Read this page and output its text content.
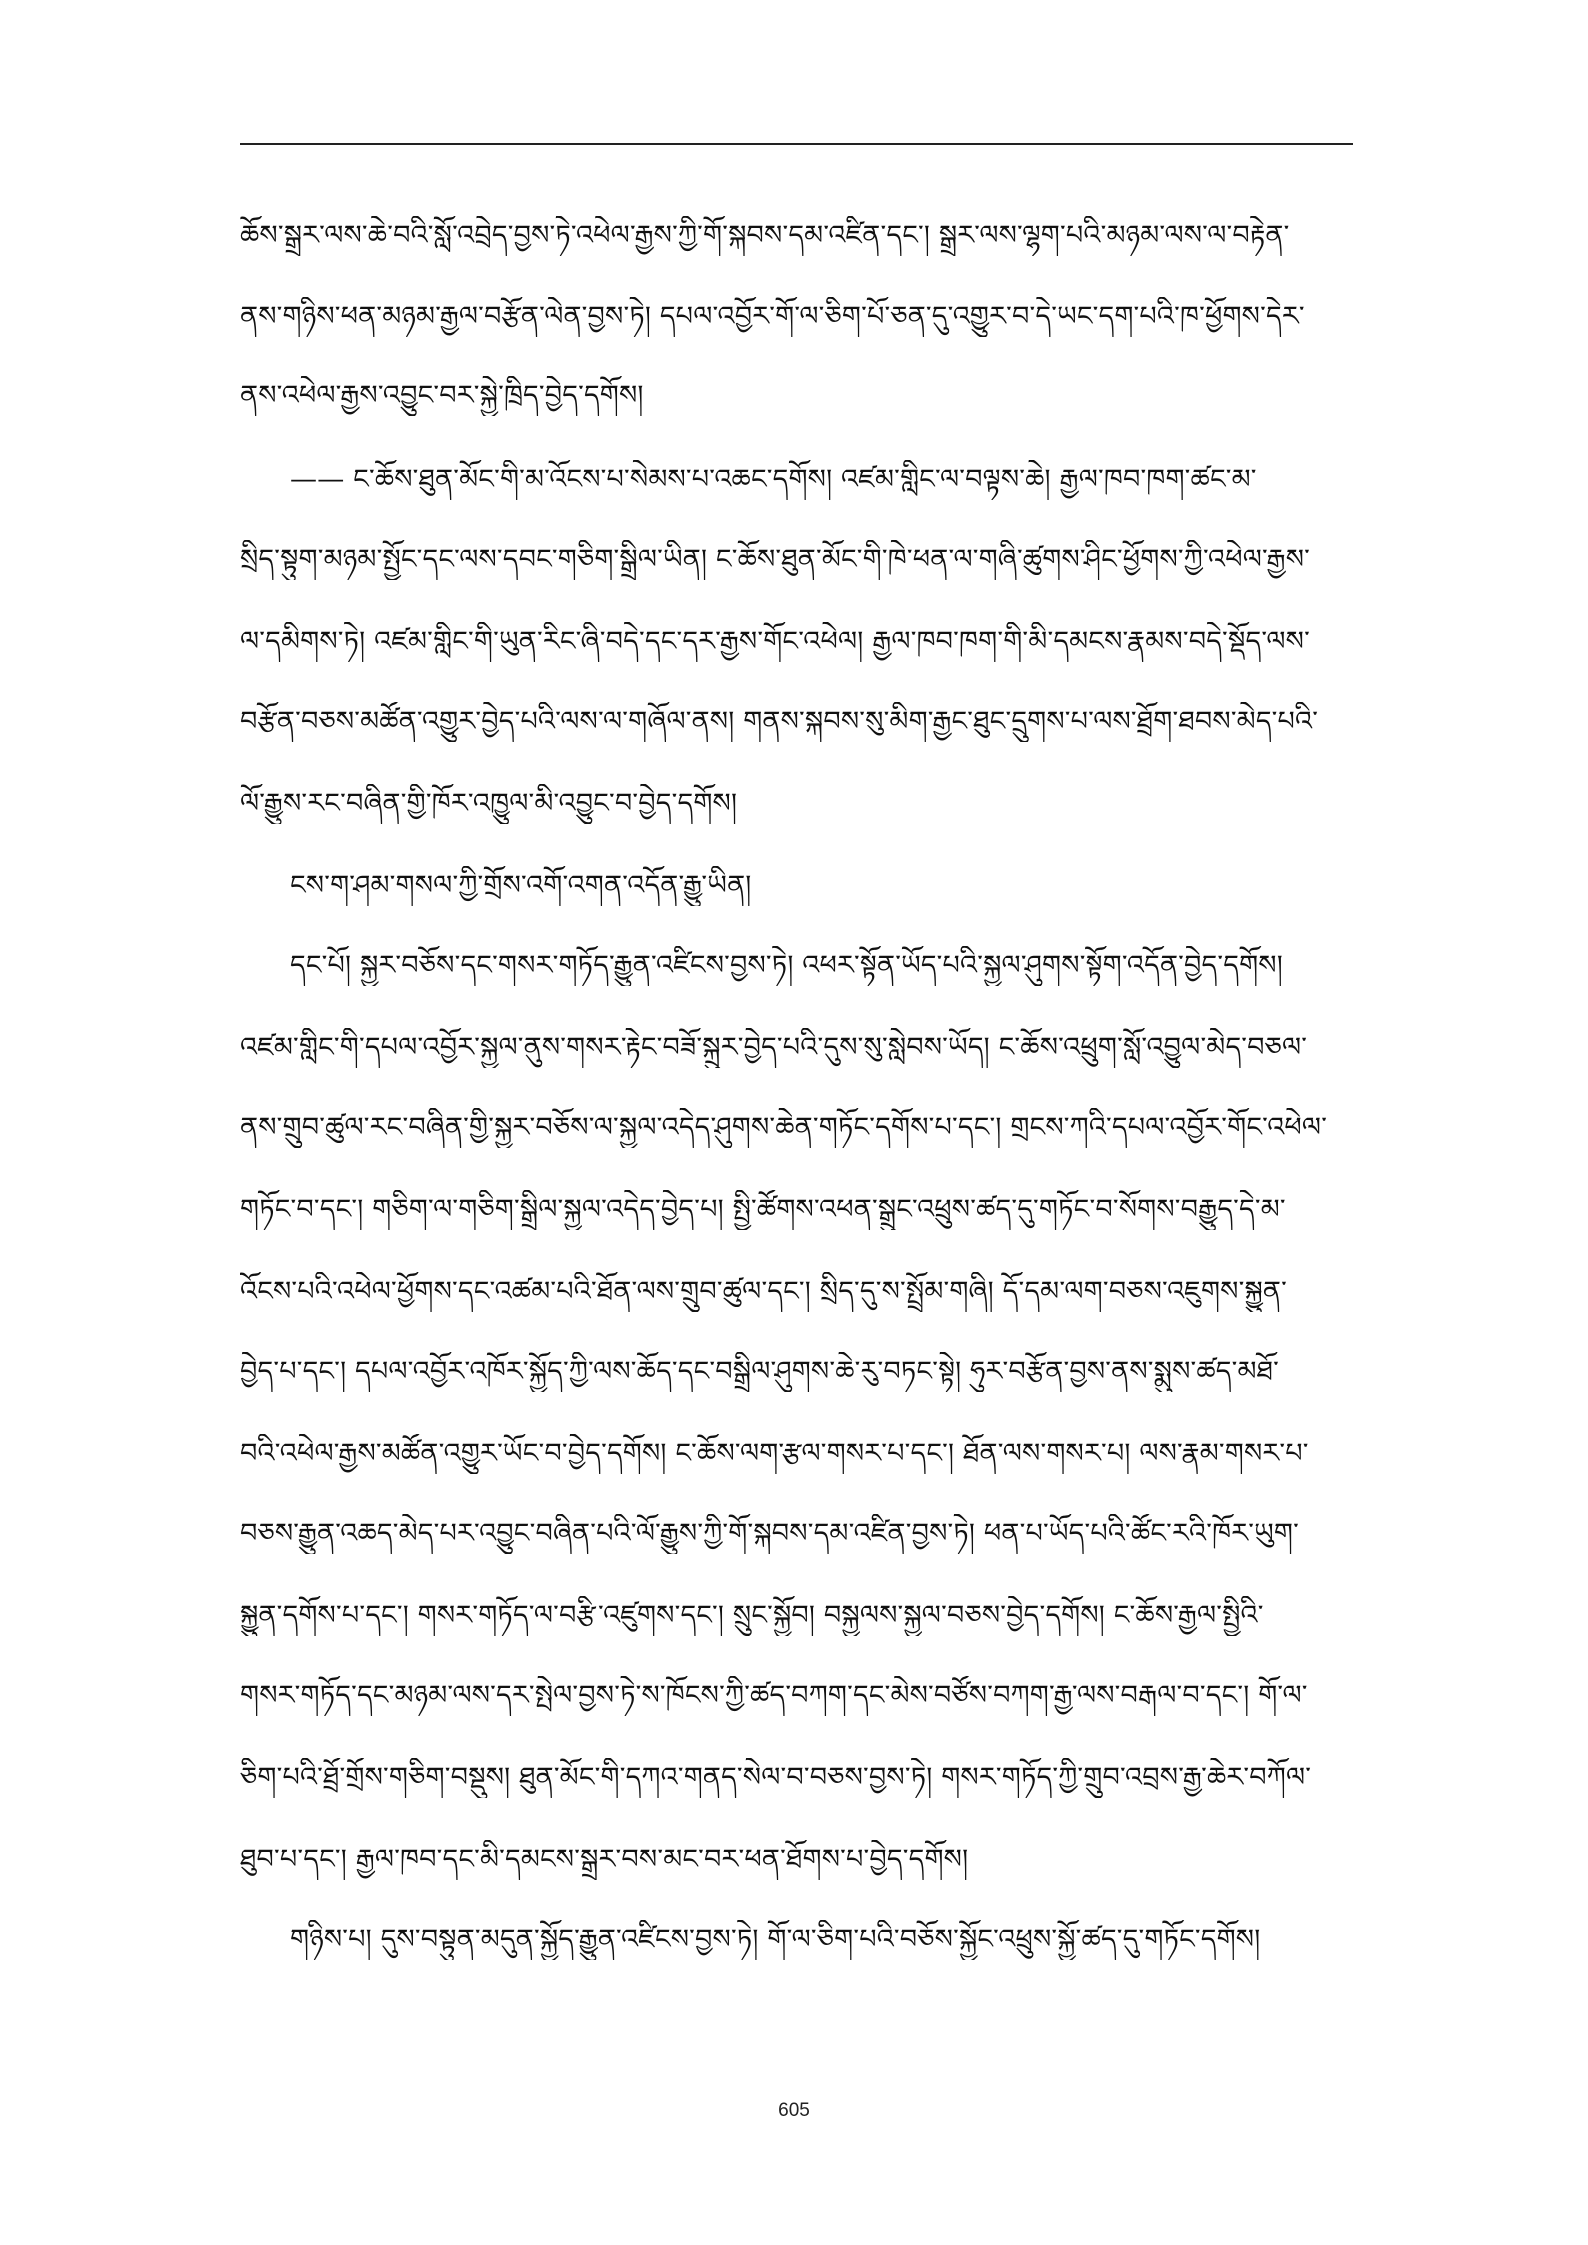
ཆོས་སྒྲར་ལས་ཆེ་བའི་སློ་འབྲེད་བྱས་ཏེ་འཕེལ་རྒྱས་ཀྱི་གོ་སྐབས་དམ་འཛིན་དང་། སྒྲར་ལས་ལྷག་པའི་མཉམ་ལས་ལ་བརྟེན་
ནས་གཉིས་ཕན་མཉམ་རྒྱལ་བརྩོན་ལེན་བྱས་ཏེ། དཔལ་འབྱོར་གོ་ལ་ཅིག་པོ་ཅན་དུ་འགྱུར་བ་དེ་ཡང་དག་པའི་ཁ་ཕྱོགས་དེར་
ནས་འཕེལ་རྒྱས་འབྱུང་བར་སྐྱེ་ཁྲིད་བྱེད་དགོས།
—— ང་ཆོས་ཐུན་མོང་གི་མ་འོངས་པ་སེམས་པ་འཆང་དགོས། འཛམ་གླིང་ལ་བལྟས་ཆེ། རྒྱལ་ཁབ་ཁག་ཚང་མ་
སྲིད་སྟུག་མཉམ་སྤྱོང་དང་ལས་དབང་གཅིག་སྒྲིལ་ཡིན། ང་ཆོས་ཐུན་མོང་གི་ཁེ་ཕན་ལ་གཞི་ཚུགས་ཤིང་ཕྱོགས་ཀྱི་འཕེལ་རྒྱས་
ལ་དམིགས་ཏེ། འཛམ་གླིང་གི་ཡུན་རིང་ཞི་བདེ་དང་དར་རྒྱས་གོང་འཕེལ། རྒྱལ་ཁབ་ཁག་གི་མི་དམངས་རྣམས་བདེ་སྡོད་ལས་
བརྩོན་བཅས་མཚོན་འགྱུར་བྱེད་པའི་ལས་ལ་གཞོལ་ནས། གནས་སྐབས་སུ་མིག་རྒྱང་ཐུང་དྲུགས་པ་ལས་ཐྲོག་ཐབས་མེད་པའི་
ལོ་རྒྱུས་རང་བཞིན་གྱི་ཁོར་འཁྱུལ་མི་འབྱུང་བ་བྱེད་དགོས།
ངས་ག་ཤམ་གསལ་ཀྱི་གྲོས་འགོ་འགན་འདོན་རྒྱུ་ཡིན།
དང་པོ། སྐྱར་བཅོས་དང་གསར་གཏོད་རྒྱུན་འཛིངས་བྱས་ཏེ། འཕར་སྟོན་ཡོད་པའི་སྐྱལ་ཤུགས་སྟོག་འདོན་བྱེད་དགོས།
འཛམ་གླིང་གི་དཔལ་འབྱོར་སྐྱལ་ནུས་གསར་རྟེང་བཟོ་སྐྲུར་བྱེད་པའི་དུས་སུ་སླེབས་ཡོད། ང་ཆོས་འཕྲུག་སློ་འབྱུལ་མེད་བཅལ་
ནས་གྲུབ་ཚུལ་རང་བཞིན་གྱི་སྐྱར་བཅོས་ལ་སྐྱལ་འདེད་ཤུགས་ཆེན་གཏོང་དགོས་པ་དང་། གྲངས་ཀའི་དཔལ་འབྱོར་གོང་འཕེལ་
གཏོང་བ་དང་། གཅིག་ལ་གཅིག་སྒྲིལ་སྐྱལ་འདེད་བྱེད་པ། སྤྱི་ཚོགས་འཕན་སྒྲུང་འཕྲུས་ཚད་དུ་གཏོང་བ་སོགས་བརྒྱུད་དེ་མ་
འོངས་པའི་འཕེལ་ཕྱོགས་དང་འཚམ་པའི་ཐོན་ལས་གྲུབ་ཚུལ་དང་། སྲིད་དུ་ས་སྤྲོམ་གཞི། དོ་དམ་ལག་བཅས་འཇུགས་སྐྱུན་
བྱེད་པ་དང་། དཔལ་འབྱོར་འཁོར་སྐྱོད་ཀྱི་ལས་ཆོད་དང་བསྒྲིལ་ཤུགས་ཆེ་རུ་བཏང་སྟེ། ཧུར་བརྩོན་བྱས་ནས་སྨུས་ཚད་མཐོ་
བའི་འཕེལ་རྒྱས་མཚོན་འགྱུར་ཡོང་བ་བྱེད་དགོས། ང་ཆོས་ལག་རྩལ་གསར་པ་དང་། ཐོན་ལས་གསར་པ། ལས་རྣམ་གསར་པ་
བཅས་རྒྱུན་འཆད་མེད་པར་འབྱུང་བཞིན་པའི་ལོ་རྒྱུས་ཀྱི་གོ་སྐབས་དམ་འཛིན་བྱས་ཏེ། ཕན་པ་ཡོད་པའི་ཚོང་རའི་ཁོར་ཡུག་
སྐྱུན་དགོས་པ་དང་། གསར་གཏོད་ལ་བརྩི་འཛུགས་དང་། སྲུང་སྐྱོབ། བསྐྱལས་སྐྱལ་བཅས་བྱེད་དགོས། ང་ཆོས་རྒྱལ་སྤྱིའི་
གསར་གཏོད་དང་མཉམ་ལས་དར་སྤེལ་བྱས་ཏེ་ས་ཁོངས་ཀྱི་ཚད་བཀག་དང་མེས་བཙོས་བཀག་རྒྱ་ལས་བརྒལ་བ་དང་། གོ་ལ་
ཅིག་པའི་ཐྲོ་གྲོས་གཅིག་བསྡུས། ཐུན་མོང་གི་དཀའ་གནད་སེལ་བ་བཅས་བྱས་ཏེ། གསར་གཏོད་ཀྱི་གྲུབ་འབྲས་རྒྱ་ཆེར་བཀོལ་
ཐུབ་པ་དང་། རྒྱལ་ཁབ་དང་མི་དམངས་སྒྲར་བས་མང་བར་ཕན་ཐོགས་པ་བྱེད་དགོས།
གཉིས་པ། དུས་བསྟུན་མདུན་སྐྱོད་རྒྱུན་འཛིངས་བྱས་ཏེ། གོ་ལ་ཅིག་པའི་བཅོས་སྐྱོང་འཕྲུས་སྐྱོ་ཚད་དུ་གཏོང་དགོས།
605
